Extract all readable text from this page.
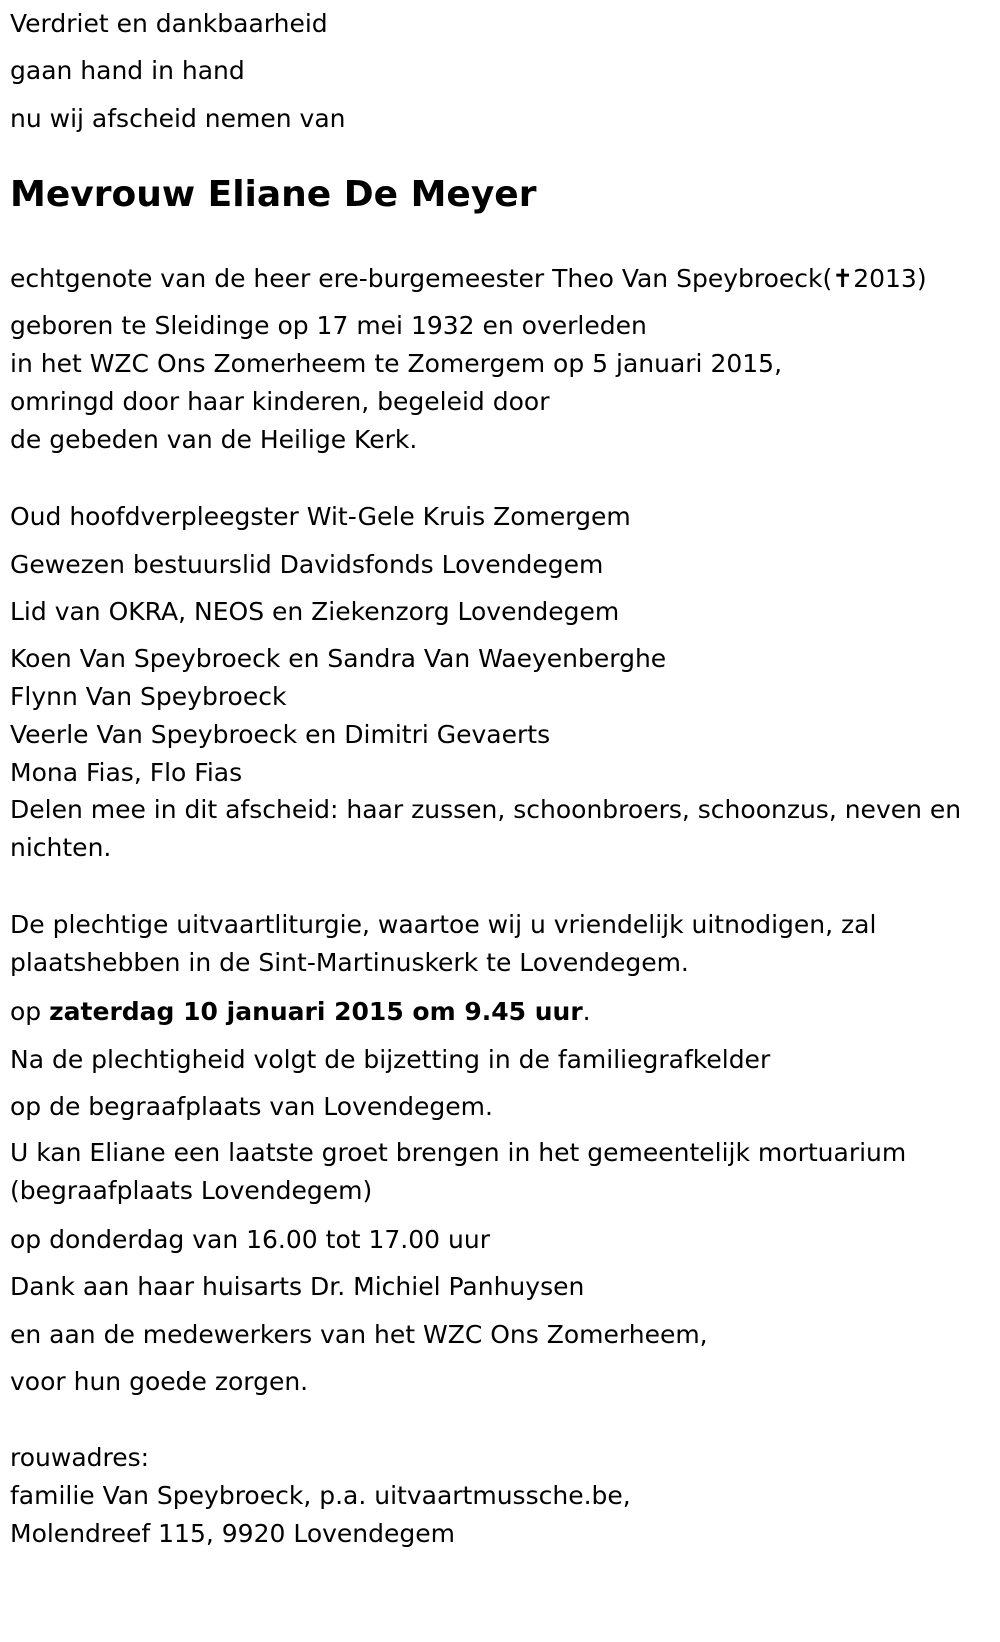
Verdriet en dankbaarheid
gaan hand in hand
nu wij afscheid nemen van
Mevrouw Eliane De Meyer
echtgenote van de heer ere-burgemeester Theo Van Speybroeck(✝2013)
geboren te Sleidinge op 17 mei 1932 en overleden
in het WZC Ons Zomerheem te Zomergem op 5 januari 2015,
omringd door haar kinderen, begeleid door
de gebeden van de Heilige Kerk.
Oud hoofdverpleegster Wit-Gele Kruis Zomergem
Gewezen bestuurslid Davidsfonds Lovendegem
Lid van OKRA, NEOS en Ziekenzorg Lovendegem
Koen Van Speybroeck en Sandra Van Waeyenberghe
Flynn Van Speybroeck
Veerle Van Speybroeck en Dimitri Gevaerts
Mona Fias, Flo Fias
Delen mee in dit afscheid: haar zussen, schoonbroers, schoonzus, neven en nichten.
De plechtige uitvaartliturgie, waartoe wij u vriendelijk uitnodigen, zal plaatshebben in de Sint-Martinuskerk te Lovendegem.
op zaterdag 10 januari 2015 om 9.45 uur.
Na de plechtigheid volgt de bijzetting in de familiegrafkelder
op de begraafplaats van Lovendegem.
U kan Eliane een laatste groet brengen in het gemeentelijk mortuarium (begraafplaats Lovendegem)
op donderdag van 16.00 tot 17.00 uur
Dank aan haar huisarts Dr. Michiel Panhuysen
en aan de medewerkers van het WZC Ons Zomerheem,
voor hun goede zorgen.
rouwadres:
familie Van Speybroeck, p.a. uitvaartmussche.be,
Molendreef 115, 9920 Lovendegem
